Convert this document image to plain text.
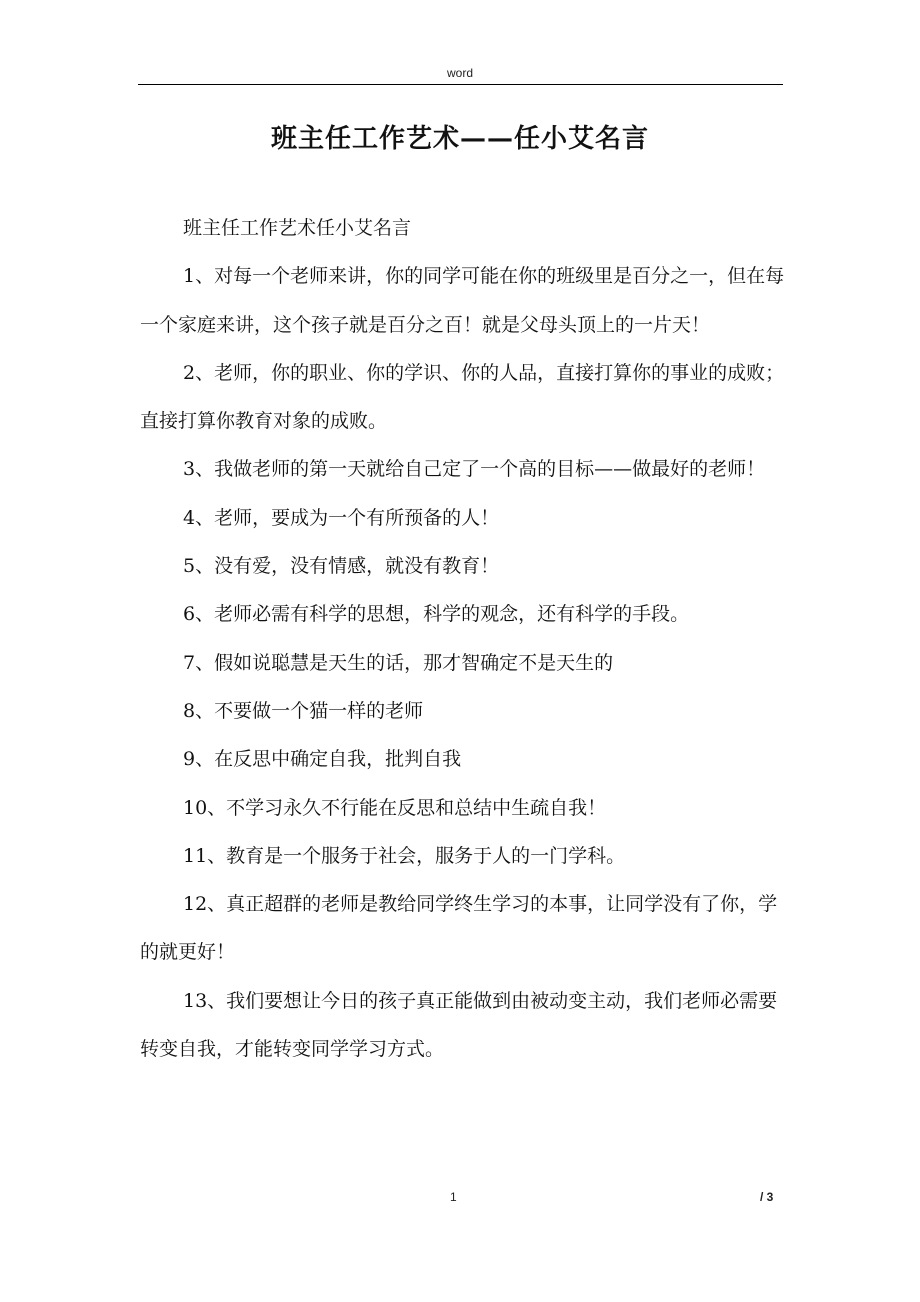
word
班主任工作艺术——任小艾名言

班主任工作艺术任小艾名言

1、对每一个老师来讲，你的同学可能在你的班级里是百分之一，但在每一个家庭来讲，这个孩子就是百分之百！就是父母头顶上的一片天！

2、老师，你的职业、你的学识、你的人品，直接打算你的事业的成败；直接打算你教育对象的成败。

3、我做老师的第一天就给自己定了一个高的目标——做最好的老师！

4、老师，要成为一个有所预备的人！

5、没有爱，没有情感，就没有教育！

6、老师必需有科学的思想，科学的观念，还有科学的手段。

7、假如说聪慧是天生的话，那才智确定不是天生的

8、不要做一个猫一样的老师

9、在反思中确定自我，批判自我

10、不学习永久不行能在反思和总结中生疏自我！

11、教育是一个服务于社会，服务于人的一门学科。

12、真正超群的老师是教给同学终生学习的本事，让同学没有了你，学的就更好！

13、我们要想让今日的孩子真正能做到由被动变主动，我们老师必需要转变自我，才能转变同学学习方式。

1	/ 3
